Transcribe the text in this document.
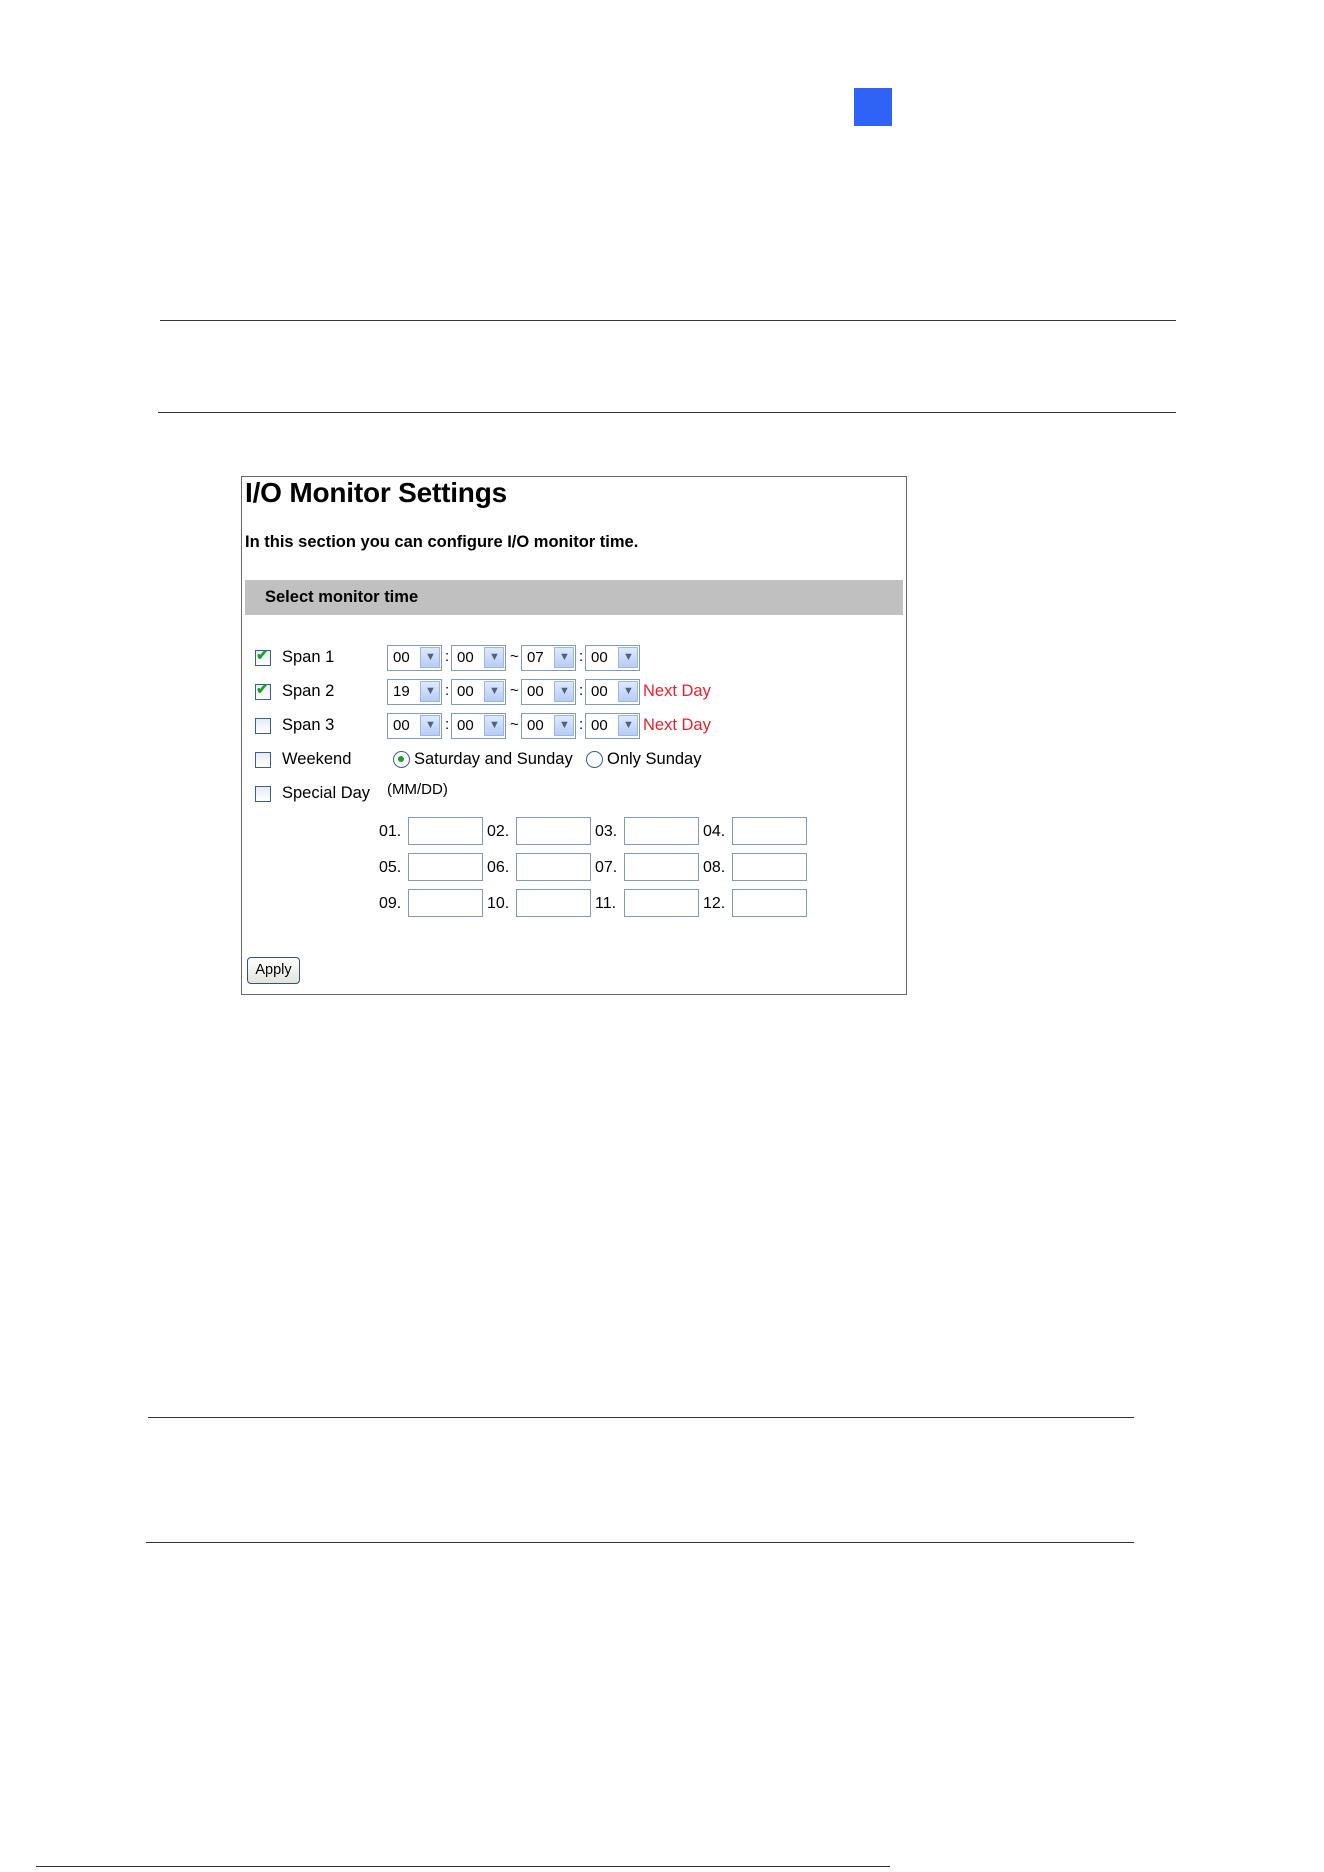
I/O Monitor Settings
In this section you can configure I/O monitor time.
Select monitor time
✔ Span 1	00 ▼ : 00 ▼ ~ 07 ▼ : 00 ▼
✔ Span 2	19 ▼ : 00 ▼ ~ 00 ▼ : 00 ▼ Next Day
Span 3	00 ▼ : 00 ▼ ~ 00 ▼ : 00 ▼ Next Day
Weekend	Saturday and Sunday Only Sunday
Special Day (MM/DD)
01.	02.	03.	04.
05.	06.	07.	08.
09.	10.	11.	12.
Apply
